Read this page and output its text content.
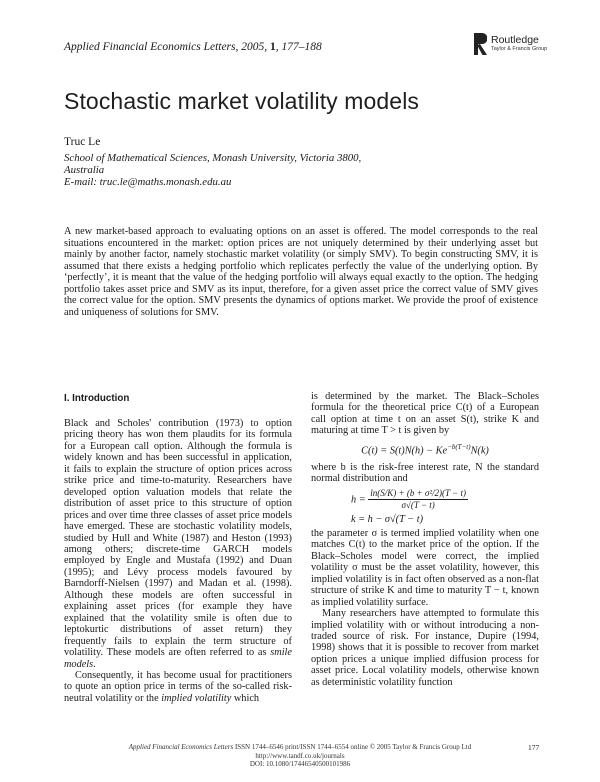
Applied Financial Economics Letters, 2005, 1, 177–188
Routledge
Taylor & Francis Group
Stochastic market volatility models
Truc Le
School of Mathematical Sciences, Monash University, Victoria 3800,
Australia
E-mail: truc.le@maths.monash.edu.au
A new market-based approach to evaluating options on an asset is offered. The model corresponds to the real situations encountered in the market: option prices are not uniquely determined by their underlying asset but mainly by another factor, namely stochastic market volatility (or simply SMV). To begin constructing SMV, it is assumed that there exists a hedging portfolio which replicates perfectly the value of the underlying option. By ‘perfectly’, it is meant that the value of the hedging portfolio will always equal exactly to the option. The hedging portfolio takes asset price and SMV as its input, therefore, for a given asset price the correct value of SMV gives the correct value for the option. SMV presents the dynamics of options market. We provide the proof of existence and uniqueness of solutions for SMV.
I. Introduction

Black and Scholes' contribution (1973) to option pricing theory has won them plaudits for its formula for a European call option. Although the formula is widely known and has been successful in application, it fails to explain the structure of option prices across strike price and time-to-maturity. Researchers have developed option valuation models that relate the distribution of asset price to this structure of option prices and over time three classes of asset price models have emerged. These are stochastic volatility models, studied by Hull and White (1987) and Heston (1993) among others; discrete-time GARCH models employed by Engle and Mustafa (1992) and Duan (1995); and Lévy process models favoured by Barndorff-Nielsen (1997) and Madan et al. (1998). Although these models are often successful in explaining asset prices (for example they have explained that the volatility smile is often due to leptokurtic distributions of asset return) they frequently fails to explain the term structure of volatility. These models are often referred to as smile models.

Consequently, it has become usual for practitioners to quote an option price in terms of the so-called risk-neutral volatility or the implied volatility which

is determined by the market. The Black–Scholes formula for the theoretical price C(t) of a European call option at time t on an asset S(t), strike K and maturing at time T > t is given by

$C(t) = S(t)N(h) - Ke^{-b(T-t)}N(k)$

where b is the risk-free interest rate, N the standard normal distribution and

$h = \frac{\text{ln(S/K) + (b + σ²/2)(T − t)}}{\sigma√(T - t)}$
k = h − σ√(T − t)

the parameter σ is termed implied volatility when one matches C(t) to the market price of the option. If the Black–Scholes model were correct, the implied volatility σ must be the asset volatility, however, this implied volatility is in fact often observed as a non-flat structure of strike K and time to maturity T − t, known as implied volatility surface.

Many researchers have attempted to formulate this implied volatility with or without introducing a non-traded source of risk. For instance, Dupire (1994, 1998) shows that it is possible to recover from market option prices a unique implied diffusion process for asset price. Local volatility models, otherwise known as deterministic volatility function

Applied Financial Economics Letters ISSN 1744–6546 print/ISSN 1744–6554 online © 2005 Taylor & Francis Group Ltd
http://www.tandf.co.uk/journals
DOI: 10.1080/17446540500101986
177
